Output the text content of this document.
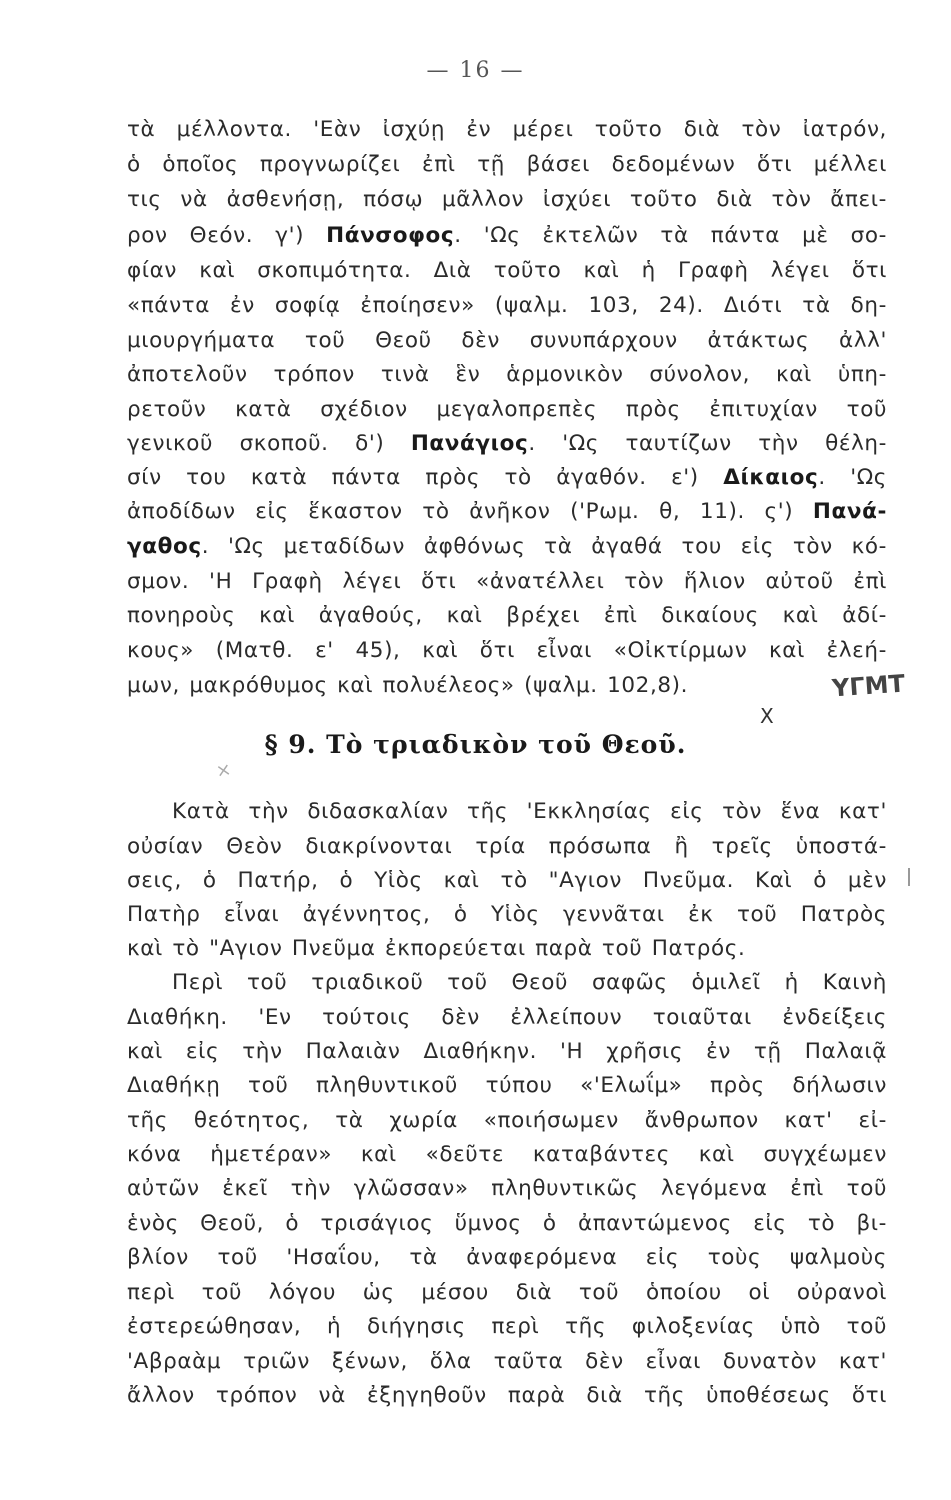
— 16 —
τὰ μέλλοντα. 'Εὰν ἰσχύῃ ἐν μέρει τοῦτο διὰ τὸν ἰατρόν,
ὁ ὁποῖος προγνωρίζει ἐπὶ τῇ βάσει δεδομένων ὅτι μέλλει
τις νὰ ἀσθενήσῃ, πόσῳ μᾶλλον ἰσχύει τοῦτο διὰ τὸν ἄπει-
ρον Θεόν. γ') Πάνσοφος. 'Ως ἐκτελῶν τὰ πάντα μὲ σο-
φίαν καὶ σκοπιμότητα. Διὰ τοῦτο καὶ ἡ Γραφὴ λέγει ὅτι
«πάντα ἐν σοφίᾳ ἐποίησεν» (ψαλμ. 103, 24). Διότι τὰ δη-
μιουργήματα τοῦ Θεοῦ δὲν συνυπάρχουν ἀτάκτως ἀλλ'
ἀποτελοῦν τρόπον τινὰ ἓν ἁρμονικὸν σύνολον, καὶ ὑπη-
ρετοῦν κατὰ σχέδιον μεγαλοπρεπὲς πρὸς ἐπιτυχίαν τοῦ
γενικοῦ σκοποῦ. δ') Πανάγιος. 'Ως ταυτίζων τὴν θέλη-
σίν του κατὰ πάντα πρὸς τὸ ἀγαθόν. ε') Δίκαιος. 'Ως
ἀποδίδων εἰς ἕκαστον τὸ ἀνῆκον ('Ρωμ. θ, 11). ς') Πανά-
γαθος. 'Ως μεταδίδων ἀφθόνως τὰ ἀγαθά του εἰς τὸν κό-
σμον. 'Η Γραφὴ λέγει ὅτι «ἀνατέλλει τὸν ἥλιον αὐτοῦ ἐπὶ
πονηροὺς καὶ ἀγαθούς, καὶ βρέχει ἐπὶ δικαίους καὶ ἀδί-
κους» (Ματθ. ε' 45), καὶ ὅτι εἶναι «Οἰκτίρμων καὶ ἐλεή-
μων, μακρόθυμος καὶ πολυέλεος» (ψαλμ. 102,8).	ΥΓΜΤ
X
§ 9. Τὸ τριαδικὸν τοῦ Θεοῦ.
×
Κατὰ τὴν διδασκαλίαν τῆς 'Εκκλησίας εἰς τὸν ἕνα κατ'
οὐσίαν Θεὸν διακρίνονται τρία πρόσωπα ἢ τρεῖς ὑποστά-
σεις, ὁ Πατήρ, ὁ Υἱὸς καὶ τὸ "Αγιον Πνεῦμα. Καὶ ὁ μὲν
Πατὴρ εἶναι ἀγέννητος, ὁ Υἱὸς γεννᾶται ἐκ τοῦ Πατρὸς
καὶ τὸ "Αγιον Πνεῦμα ἐκπορεύεται παρὰ τοῦ Πατρός.
Περὶ τοῦ τριαδικοῦ τοῦ Θεοῦ σαφῶς ὁμιλεῖ ἡ Καινὴ
Διαθήκη. 'Εν τούτοις δὲν ἐλλείπουν τοιαῦται ἐνδείξεις
καὶ εἰς τὴν Παλαιὰν Διαθήκην. 'Η χρῆσις ἐν τῇ Παλαιᾷ
Διαθήκῃ τοῦ πληθυντικοῦ τύπου «'Ελωΐμ» πρὸς δήλωσιν
τῆς θεότητος, τὰ χωρία «ποιήσωμεν ἄνθρωπον κατ' εἰ-
κόνα ἡμετέραν» καὶ «δεῦτε καταβάντες καὶ συγχέωμεν
αὐτῶν ἐκεῖ τὴν γλῶσσαν» πληθυντικῶς λεγόμενα ἐπὶ τοῦ
ἑνὸς Θεοῦ, ὁ τρισάγιος ὕμνος ὁ ἀπαντώμενος εἰς τὸ βι-
βλίον τοῦ 'Ησαΐου, τὰ ἀναφερόμενα εἰς τοὺς ψαλμοὺς
περὶ τοῦ λόγου ὡς μέσου διὰ τοῦ ὁποίου οἱ οὐρανοὶ
ἐστερεώθησαν, ἡ διήγησις περὶ τῆς φιλοξενίας ὑπὸ τοῦ
'Αβραὰμ τριῶν ξένων, ὅλα ταῦτα δὲν εἶναι δυνατὸν κατ'
ἄλλον τρόπον νὰ ἐξηγηθοῦν παρὰ διὰ τῆς ὑποθέσεως ὅτι
